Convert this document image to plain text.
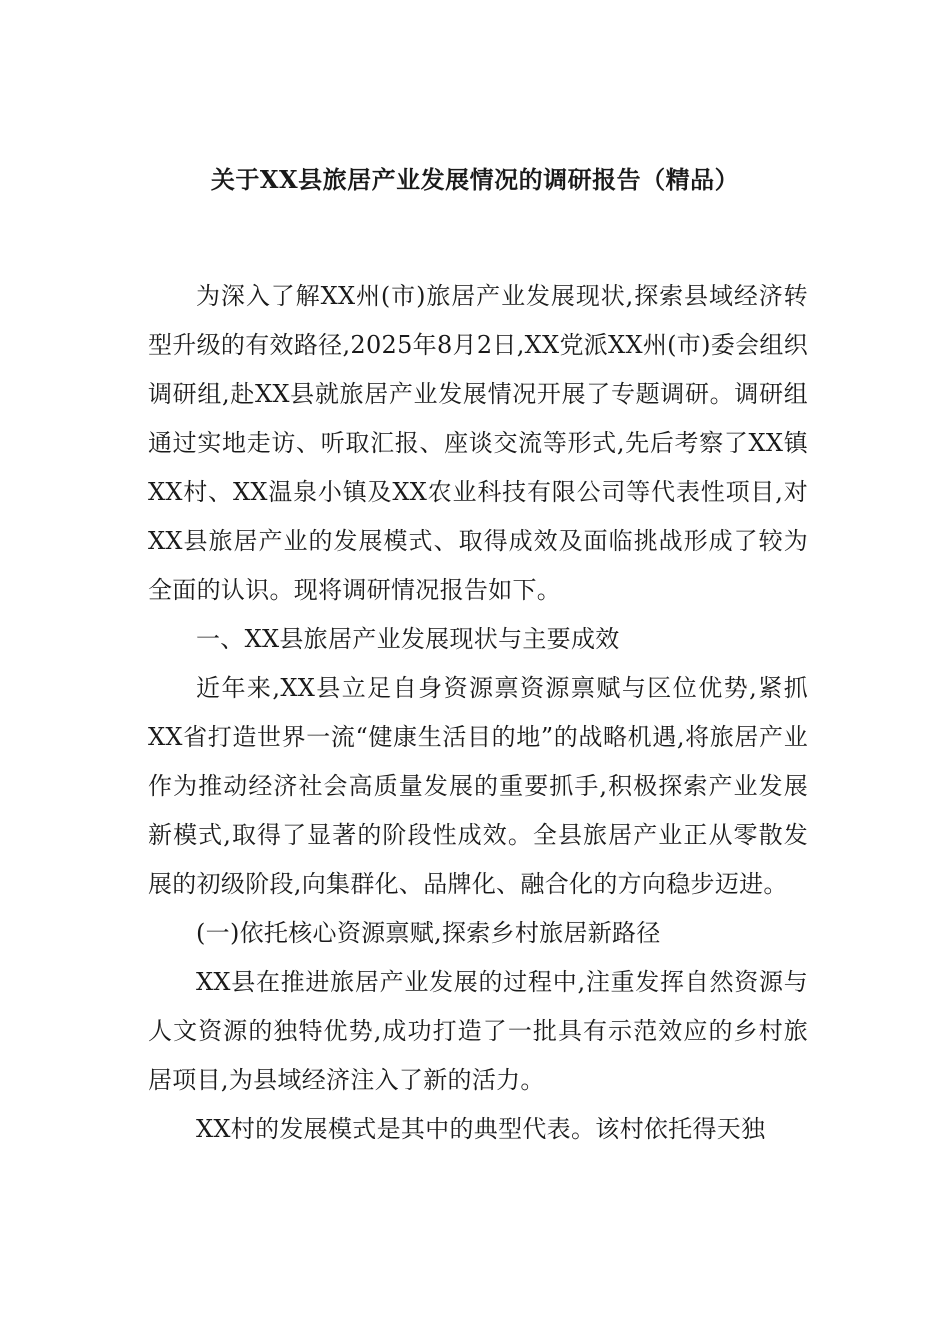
关于XX县旅居产业发展情况的调研报告（精品）

为深入了解XX州(市)旅居产业发展现状,探索县域经济转型升级的有效路径,2025年8月2日,XX党派XX州(市)委会组织调研组,赴XX县就旅居产业发展情况开展了专题调研。调研组通过实地走访、听取汇报、座谈交流等形式,先后考察了XX镇XX村、XX温泉小镇及XX农业科技有限公司等代表性项目,对XX县旅居产业的发展模式、取得成效及面临挑战形成了较为全面的认识。现将调研情况报告如下。

一、XX县旅居产业发展现状与主要成效

近年来,XX县立足自身资源禀资源禀赋与区位优势,紧抓XX省打造世界一流“健康生活目的地”的战略机遇,将旅居产业作为推动经济社会高质量发展的重要抓手,积极探索产业发展新模式,取得了显著的阶段性成效。全县旅居产业正从零散发展的初级阶段,向集群化、品牌化、融合化的方向稳步迈进。

(一)依托核心资源禀赋,探索乡村旅居新路径

XX县在推进旅居产业发展的过程中,注重发挥自然资源与人文资源的独特优势,成功打造了一批具有示范效应的乡村旅居项目,为县域经济注入了新的活力。

XX村的发展模式是其中的典型代表。该村依托得天独
